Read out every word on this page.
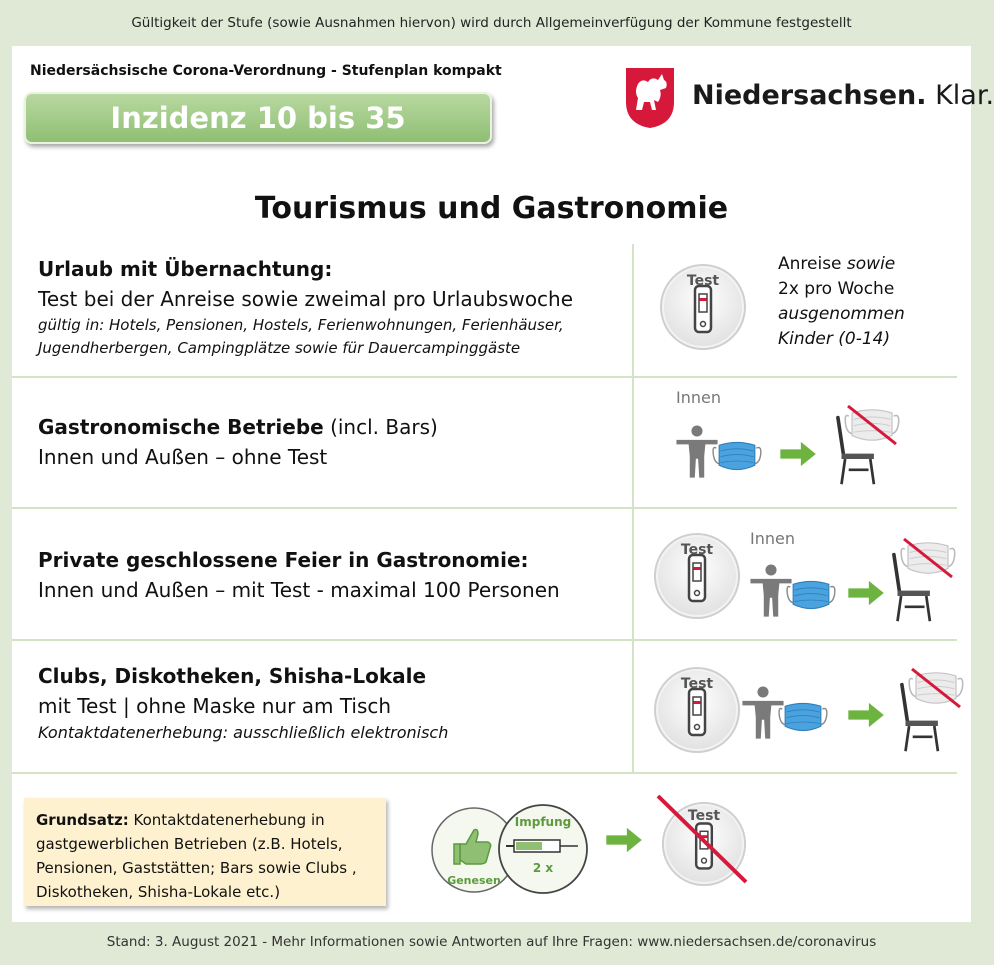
Gültigkeit der Stufe (sowie Ausnahmen hiervon) wird durch Allgemeinverfügung der Kommune festgestellt
Niedersächsische Corona-Verordnung - Stufenplan kompakt
Inzidenz 10 bis 35
Niedersachsen. Klar.
Tourismus und Gastronomie
Urlaub mit Übernachtung:
Test bei der Anreise sowie zweimal pro Urlaubswoche
gültig in: Hotels, Pensionen, Hostels, Ferienwohnungen, Ferienhäuser,
Jugendherbergen, Campingplätze sowie für Dauercampinggäste
Test
Anreise sowie
2x pro Woche
ausgenommen
Kinder (0-14)
Gastronomische Betriebe (incl. Bars)
Innen und Außen – ohne Test
Innen
Private geschlossene Feier in Gastronomie:
Innen und Außen – mit Test - maximal 100 Personen
Test
Innen
Clubs, Diskotheken, Shisha-Lokale
mit Test | ohne Maske nur am Tisch
Kontaktdatenerhebung: ausschließlich elektronisch
Test
Grundsatz: Kontaktdatenerhebung in gastgewerblichen Betrieben (z.B. Hotels, Pensionen, Gaststätten; Bars sowie Clubs , Diskotheken, Shisha-Lokale etc.)
Genesen
Impfung
2 x
Test
Stand: 3. August 2021 - Mehr Informationen sowie Antworten auf Ihre Fragen: www.niedersachsen.de/coronavirus
